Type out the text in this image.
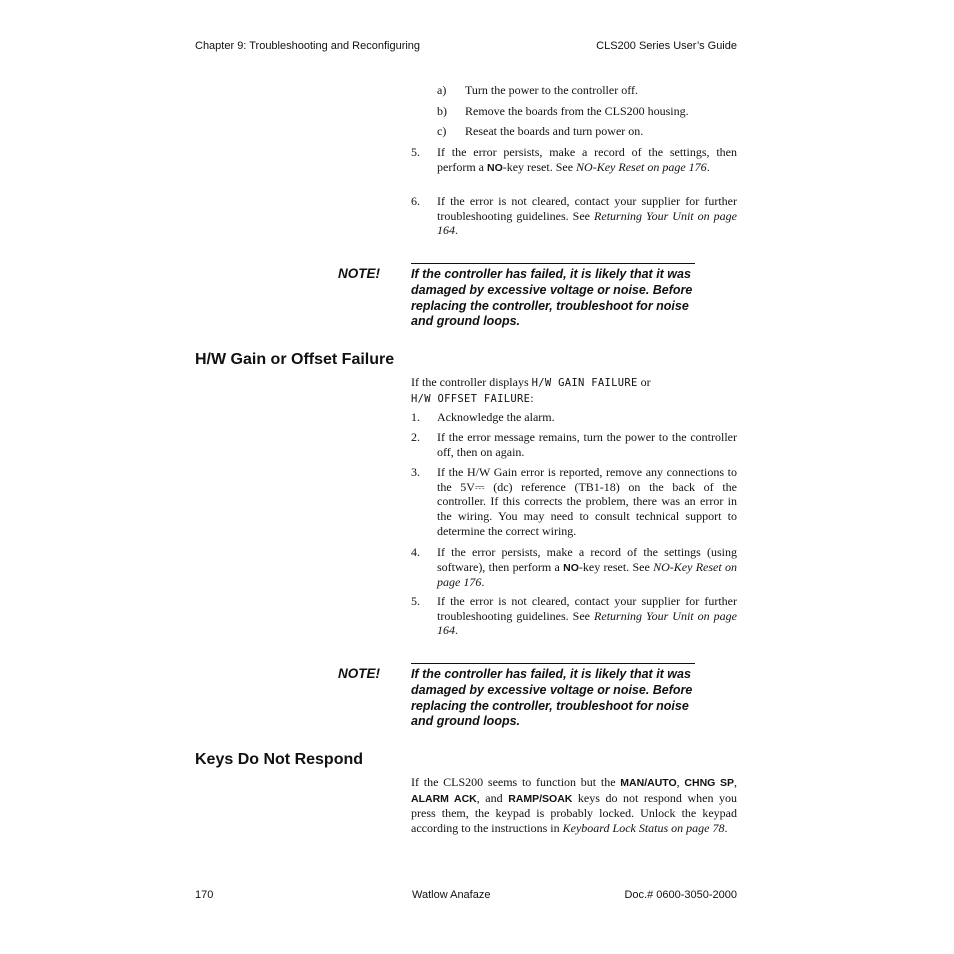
Chapter 9: Troubleshooting and Reconfiguring	CLS200 Series User’s Guide
a) Turn the power to the controller off.
b) Remove the boards from the CLS200 housing.
c) Reseat the boards and turn power on.
5. If the error persists, make a record of the settings, then perform a NO-key reset. See NO-Key Reset on page 176.
6. If the error is not cleared, contact your supplier for further troubleshooting guidelines. See Returning Your Unit on page 164.
NOTE! If the controller has failed, it is likely that it was damaged by excessive voltage or noise. Before replacing the controller, troubleshoot for noise and ground loops.
H/W Gain or Offset Failure
If the controller displays H/W GAIN FAILURE or
H/W OFFSET FAILURE:
1. Acknowledge the alarm.
2. If the error message remains, turn the power to the controller off, then on again.
3. If the H/W Gain error is reported, remove any connections to the 5V⎓ (dc) reference (TB1-18) on the back of the controller. If this corrects the problem, there was an error in the wiring. You may need to consult technical support to determine the correct wiring.
4. If the error persists, make a record of the settings (using software), then perform a NO-key reset. See NO-Key Reset on page 176.
5. If the error is not cleared, contact your supplier for further troubleshooting guidelines. See Returning Your Unit on page 164.
NOTE! If the controller has failed, it is likely that it was damaged by excessive voltage or noise. Before replacing the controller, troubleshoot for noise and ground loops.
Keys Do Not Respond
If the CLS200 seems to function but the MAN/AUTO, CHNG SP, ALARM ACK, and RAMP/SOAK keys do not respond when you press them, the keypad is probably locked. Unlock the keypad according to the instructions in Keyboard Lock Status on page 78.
170	Watlow Anafaze	Doc.# 0600-3050-2000
